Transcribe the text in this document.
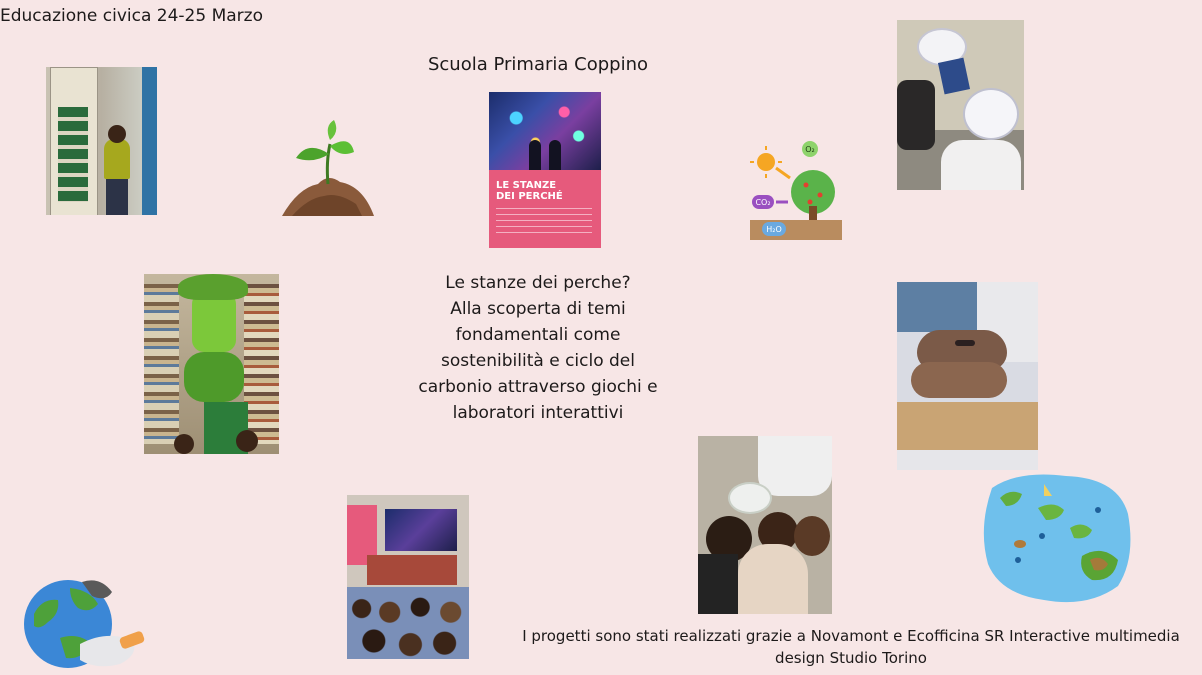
Educazione civica 24-25 Marzo
Scuola Primaria Coppino
Le stanze dei perche?
Alla scoperta di temi
fondamentali come
sostenibilità e ciclo del
carbonio attraverso giochi e
laboratori interattivi
I progetti sono stati realizzati grazie a Novamont e Ecofficina SR Interactive multimedia design Studio Torino
LE STANZE
DEI PERCHÉ
O₂
CO₂
H₂O
